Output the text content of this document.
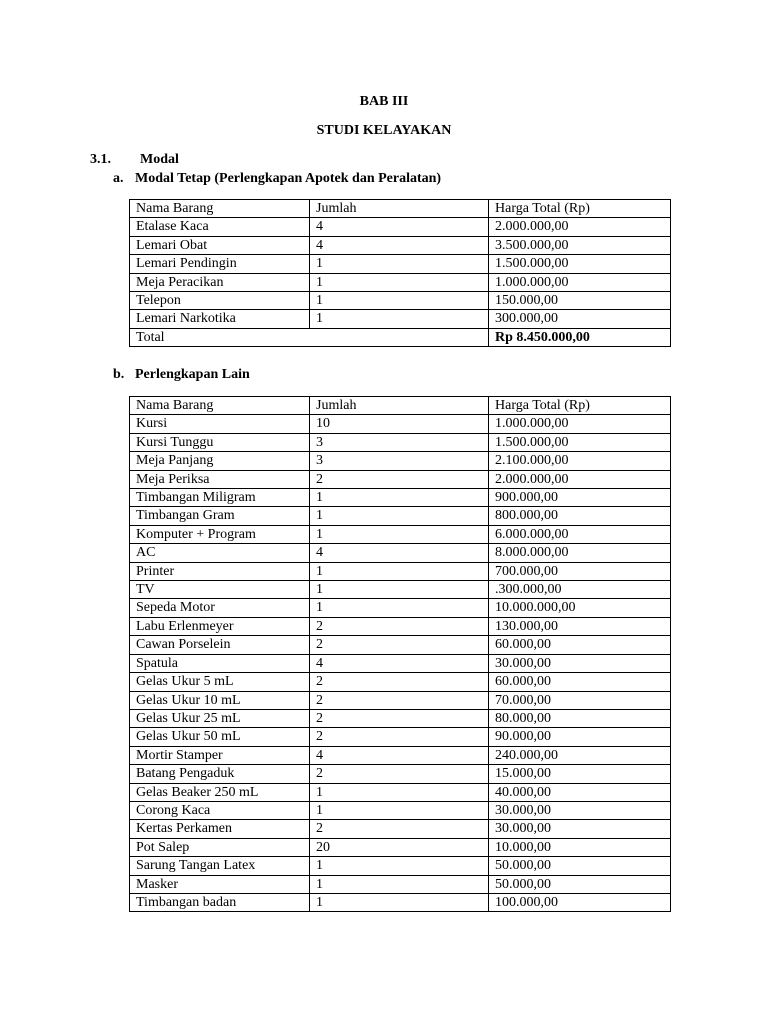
BAB III
STUDI KELAYAKAN
3.1. Modal
a. Modal Tetap (Perlengkapan Apotek dan Peralatan)
Nama Barang	Jumlah	Harga Total (Rp)
Etalase Kaca	4	2.000.000,00
Lemari Obat	4	3.500.000,00
Lemari Pendingin	1	1.500.000,00
Meja Peracikan	1	1.000.000,00
Telepon	1	150.000,00
Lemari Narkotika	1	300.000,00
Total		Rp 8.450.000,00
b. Perlengkapan Lain
Nama Barang	Jumlah	Harga Total (Rp)
Kursi	10	1.000.000,00
Kursi Tunggu	3	1.500.000,00
Meja Panjang	3	2.100.000,00
Meja Periksa	2	2.000.000,00
Timbangan Miligram	1	900.000,00
Timbangan Gram	1	800.000,00
Komputer + Program	1	6.000.000,00
AC	4	8.000.000,00
Printer	1	700.000,00
TV	1	.300.000,00
Sepeda Motor	1	10.000.000,00
Labu Erlenmeyer	2	130.000,00
Cawan Porselein	2	60.000,00
Spatula	4	30.000,00
Gelas Ukur 5 mL	2	60.000,00
Gelas Ukur 10 mL	2	70.000,00
Gelas Ukur 25 mL	2	80.000,00
Gelas Ukur 50 mL	2	90.000,00
Mortir Stamper	4	240.000,00
Batang Pengaduk	2	15.000,00
Gelas Beaker 250 mL	1	40.000,00
Corong Kaca	1	30.000,00
Kertas Perkamen	2	30.000,00
Pot Salep	20	10.000,00
Sarung Tangan Latex	1	50.000,00
Masker	1	50.000,00
Timbangan badan	1	100.000,00
